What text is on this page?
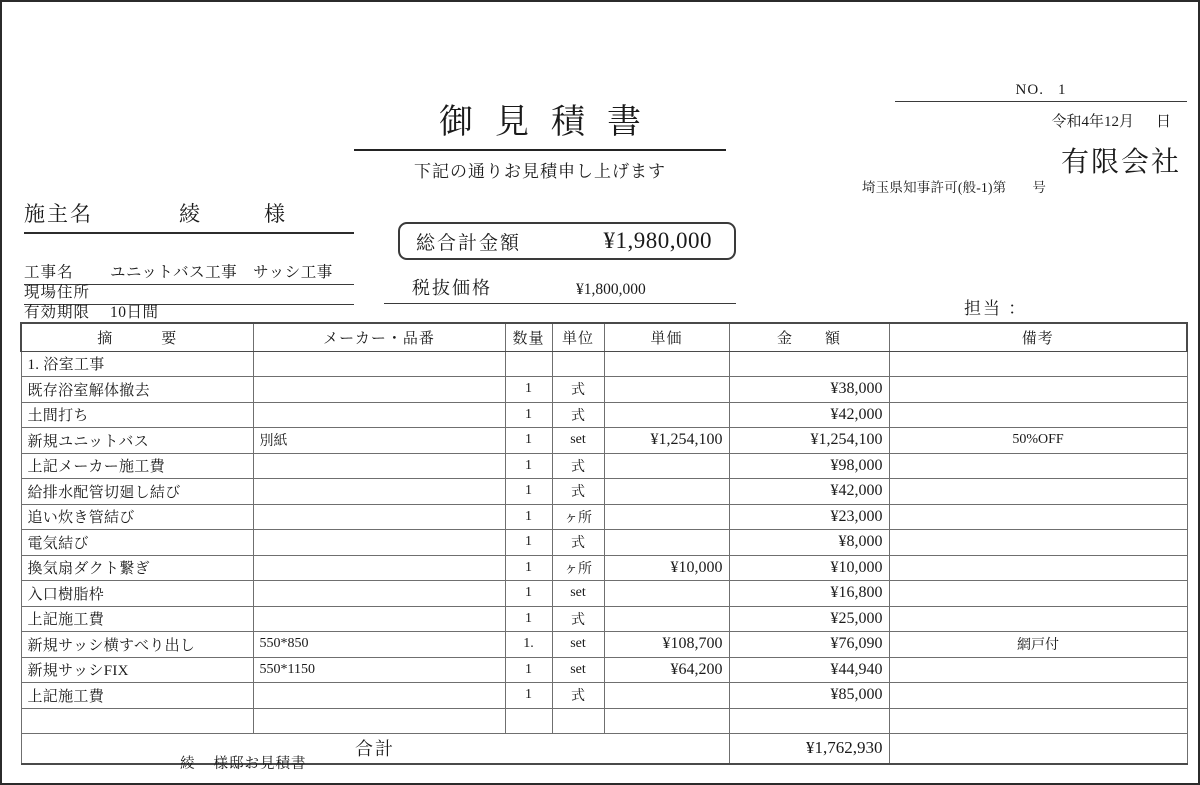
NO. 1
令和4年12月 日
有限会社
埼玉県知事許可(般-1)第 号
御見積書
下記の通りお見積申し上げます
施主名	綾	様
工事名	ユニットバス工事　サッシ工事
現場住所
有効期限	10日間
総合計金額	¥1,980,000
税抜価格	¥1,800,000
担当 ：
摘　　　要	メーカー・品番	数量	単位	単価	金　　額	備考
1. 浴室工事						
既存浴室解体撤去		1	式		¥38,000	
土間打ち		1	式		¥42,000	
新規ユニットバス	別紙	1	set	¥1,254,100	¥1,254,100	50%OFF
上記メーカー施工費		1	式		¥98,000	
給排水配管切廻し結び		1	式		¥42,000	
追い炊き管結び		1	ヶ所		¥23,000	
電気結び		1	式		¥8,000	
換気扇ダクト繋ぎ		1	ヶ所	¥10,000	¥10,000	
入口樹脂枠		1	set		¥16,800	
上記施工費		1	式		¥25,000	
新規サッシ横すべり出し	550*850	1.	set	¥108,700	¥76,090	網戸付
新規サッシFIX	550*1150	1	set	¥64,200	¥44,940	
上記施工費		1	式		¥85,000	

合計					¥1,762,930	
綾 様邸お見積書
